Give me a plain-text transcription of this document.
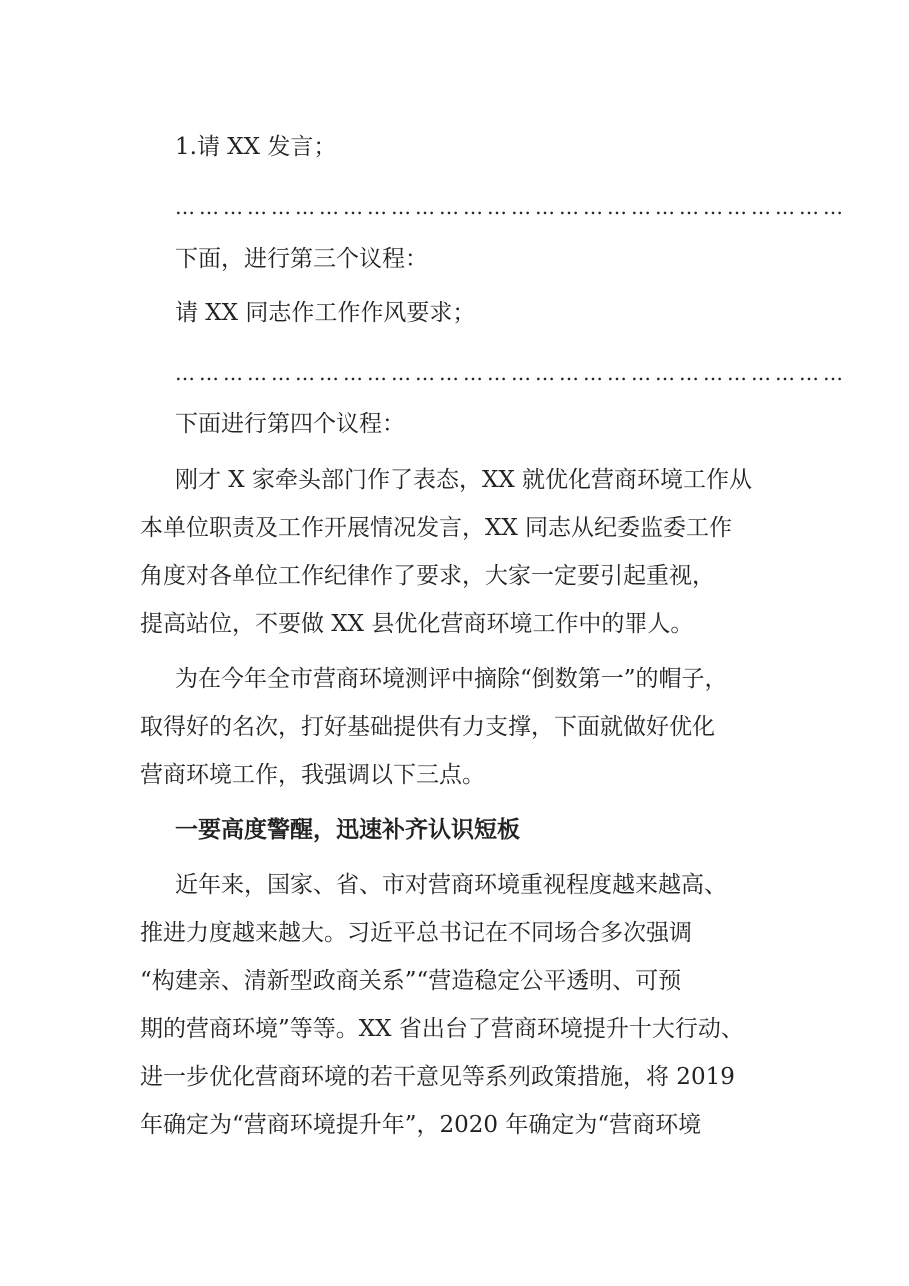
1.请 XX 发言；

…………………………………………………………………………

下面，进行第三个议程：

请 XX 同志作工作作风要求；

…………………………………………………………………………

下面进行第四个议程：

刚才 X 家牵头部门作了表态，XX 就优化营商环境工作从

本单位职责及工作开展情况发言，XX 同志从纪委监委工作

角度对各单位工作纪律作了要求，大家一定要引起重视，

提高站位，不要做 XX 县优化营商环境工作中的罪人。

为在今年全市营商环境测评中摘除“倒数第一”的帽子，

取得好的名次，打好基础提供有力支撑，下面就做好优化

营商环境工作，我强调以下三点。

一要高度警醒，迅速补齐认识短板

近年来，国家、省、市对营商环境重视程度越来越高、

推进力度越来越大。习近平总书记在不同场合多次强调

“构建亲、清新型政商关系”“营造稳定公平透明、可预

期的营商环境”等等。XX 省出台了营商环境提升十大行动、

进一步优化营商环境的若干意见等系列政策措施，将 2019

年确定为“营商环境提升年”，2020 年确定为“营商环境
